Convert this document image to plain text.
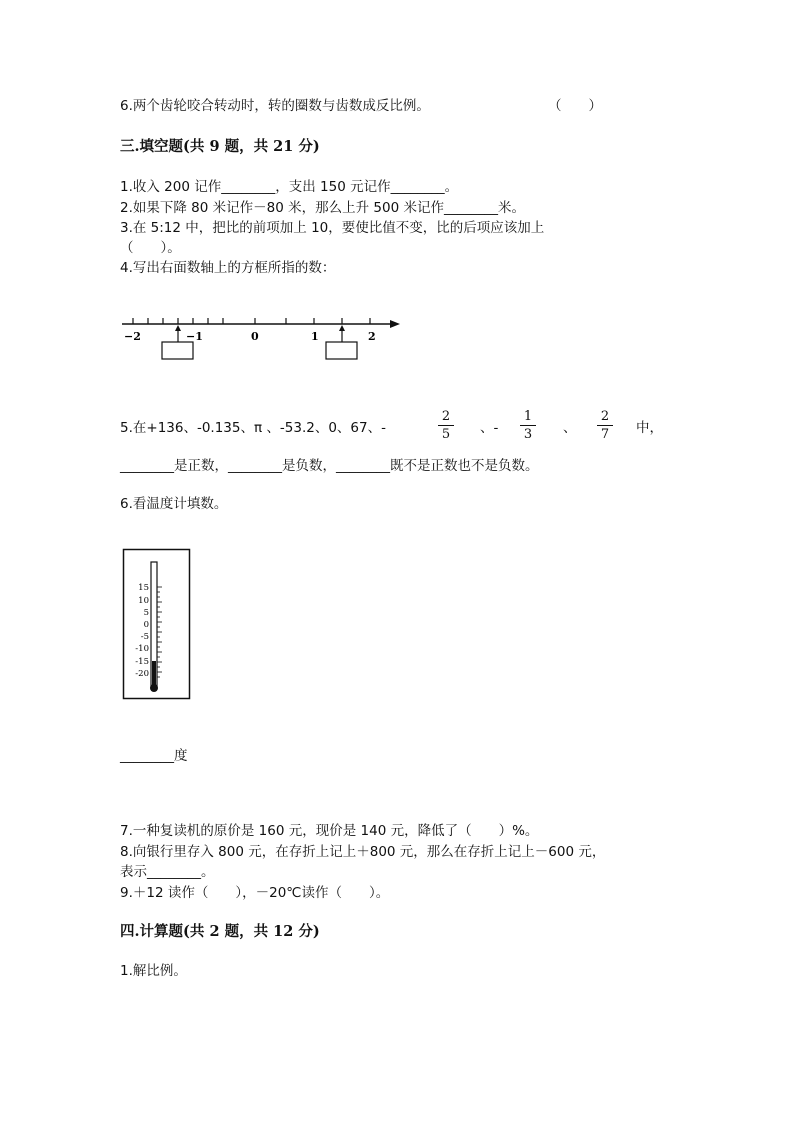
6.两个齿轮咬合转动时，转的圈数与齿数成反比例。	（　　）
三.填空题(共 9 题，共 21 分)
1.收入 200 记作________，支出 150 元记作________。
2.如果下降 80 米记作－80 米，那么上升 500 米记作________米。
3.在 5:12 中，把比的前项加上 10，要使比值不变，比的后项应该加上
（　　）。
4.写出右面数轴上的方框所指的数：
−2	−1	0	1	2
5.在+136、-0.135、π 、-53.2、0、67、-
2
5	、-
1
3	、
2
7	中，
________是正数，________是负数，________既不是正数也不是负数。
6.看温度计填数。
15
10
5
0
-5
-10
-15
-20
________度
7.一种复读机的原价是 160 元，现价是 140 元，降低了（　　）%。
8.向银行里存入 800 元，在存折上记上＋800 元，那么在存折上记上－600 元，
表示________。
9.＋12 读作（　　），－20℃读作（　　）。
四.计算题(共 2 题，共 12 分)
1.解比例。
